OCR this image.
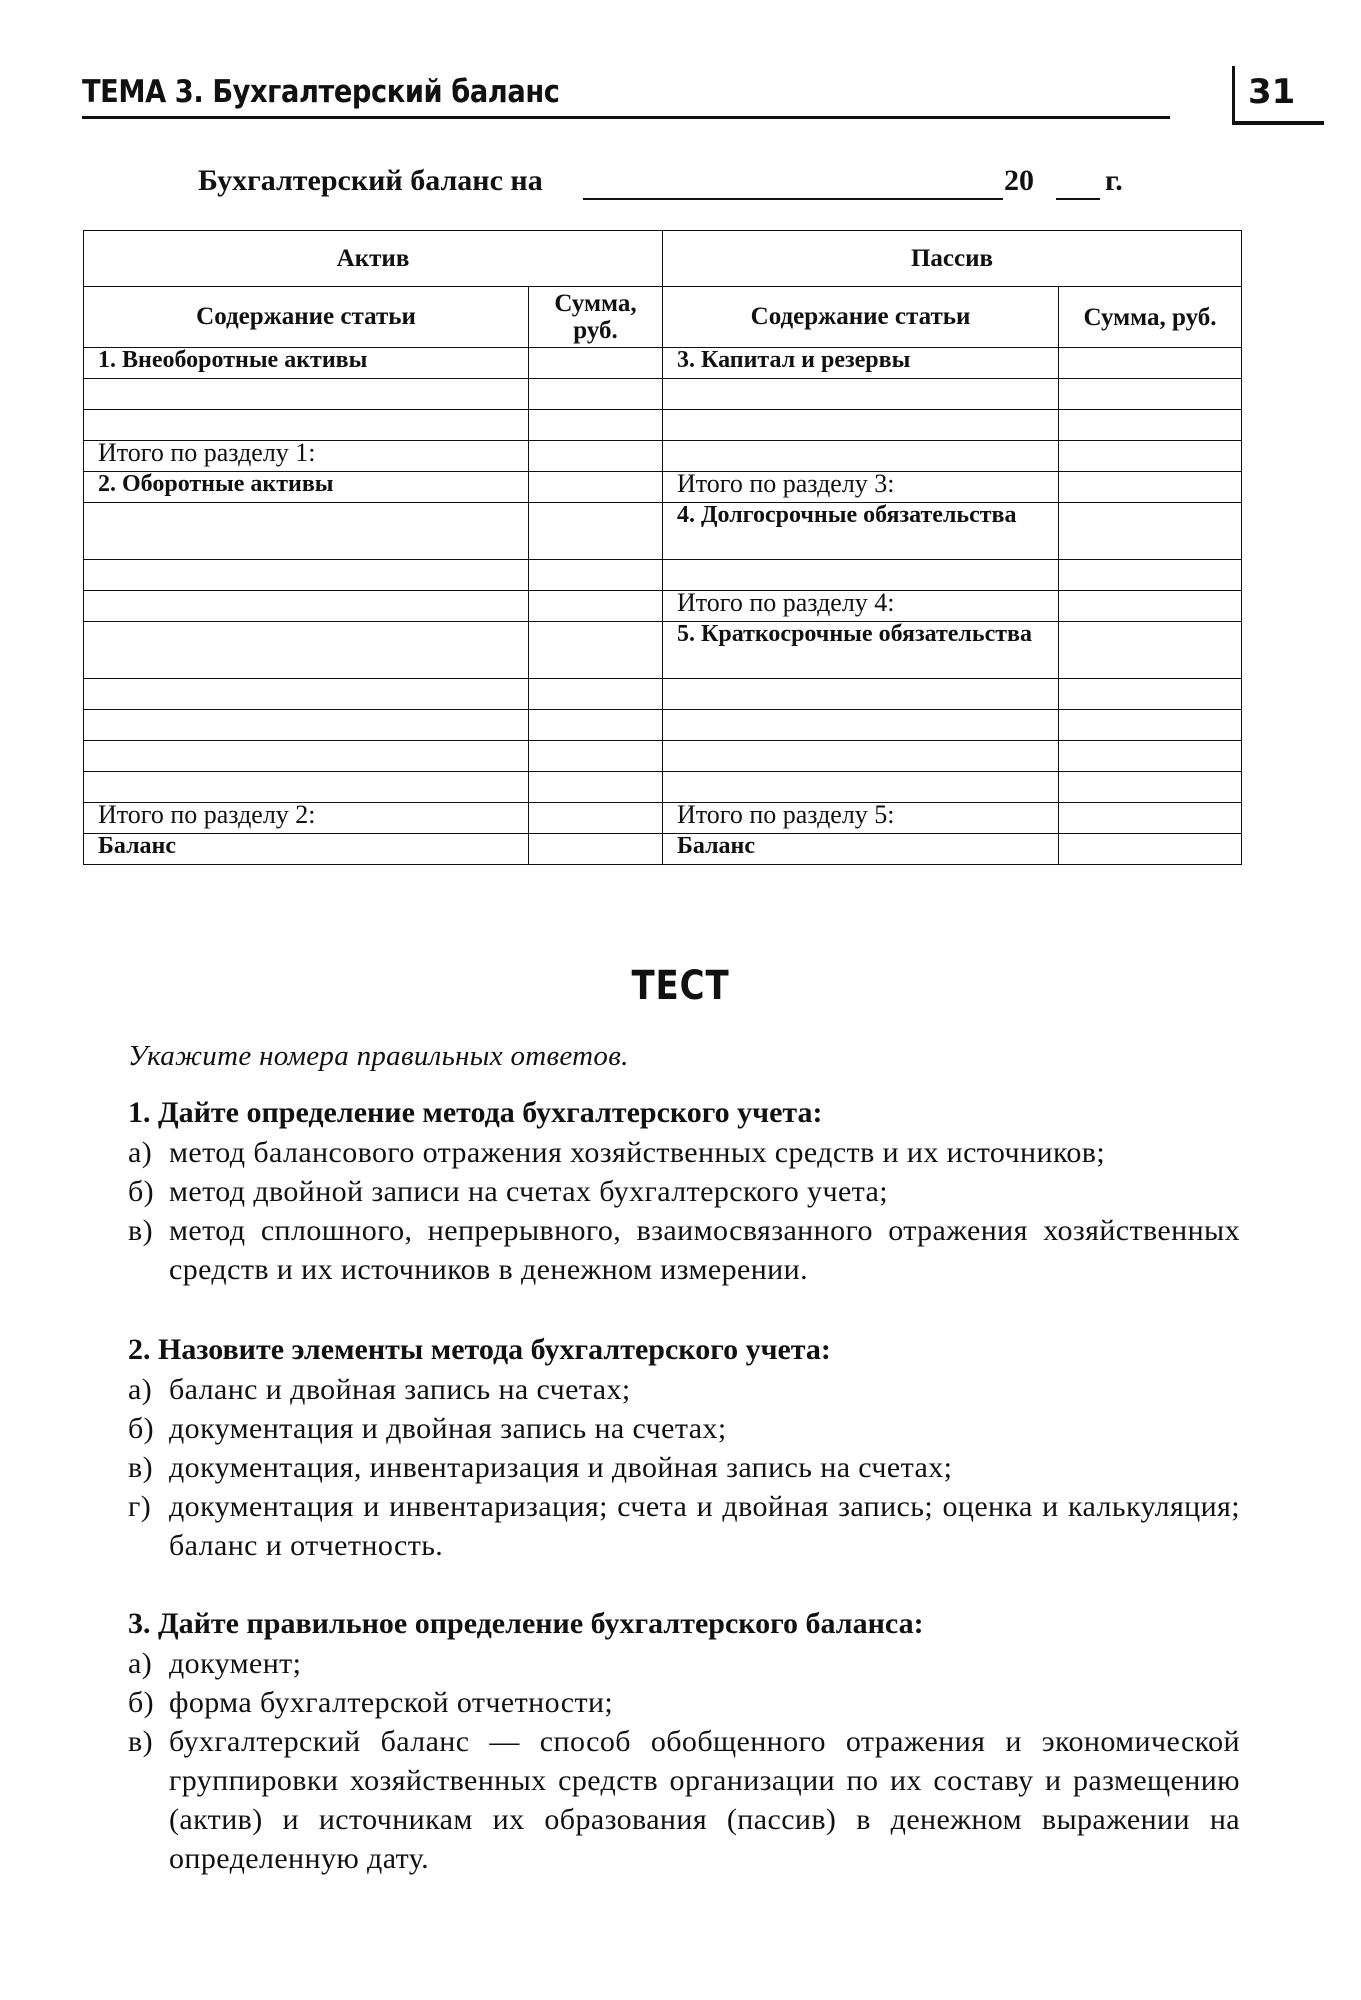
ТЕМА 3. Бухгалтерский баланс	31
Бухгалтерский баланс на	20 г.
Актив		Пассив	
Содержание статьи	Сумма, руб.	Содержание статьи	Сумма, руб.
1. Внеоборотные активы		3. Капитал и резервы	

Итого по разделу 1:			
2. Оборотные активы		Итого по разделу 3:	
		4. Долгосрочные обязательства	

		Итого по разделу 4:	
		5. Краткосрочные обязательства	

Итого по разделу 2:		Итого по разделу 5:	
Баланс		Баланс	
ТЕСТ
Укажите номера правильных ответов.

1. Дайте определение метода бухгалтерского учета:

а) метод балансового отражения хозяйственных средств и их источников;

б) метод двойной записи на счетах бухгалтерского учета;

в) метод сплошного, непрерывного, взаимосвязанного отражения хозяйственных средств и их источников в денежном измерении.

2. Назовите элементы метода бухгалтерского учета:

а) баланс и двойная запись на счетах;

б) документация и двойная запись на счетах;

в) документация, инвентаризация и двойная запись на счетах;

г) документация и инвентаризация; счета и двойная запись; оценка и калькуляция; баланс и отчетность.

3. Дайте правильное определение бухгалтерского баланса:

а) документ;

б) форма бухгалтерской отчетности;

в) бухгалтерский баланс — способ обобщенного отражения и экономической группировки хозяйственных средств организации по их составу и размещению (актив) и источникам их образования (пассив) в денежном выражении на определенную дату.
